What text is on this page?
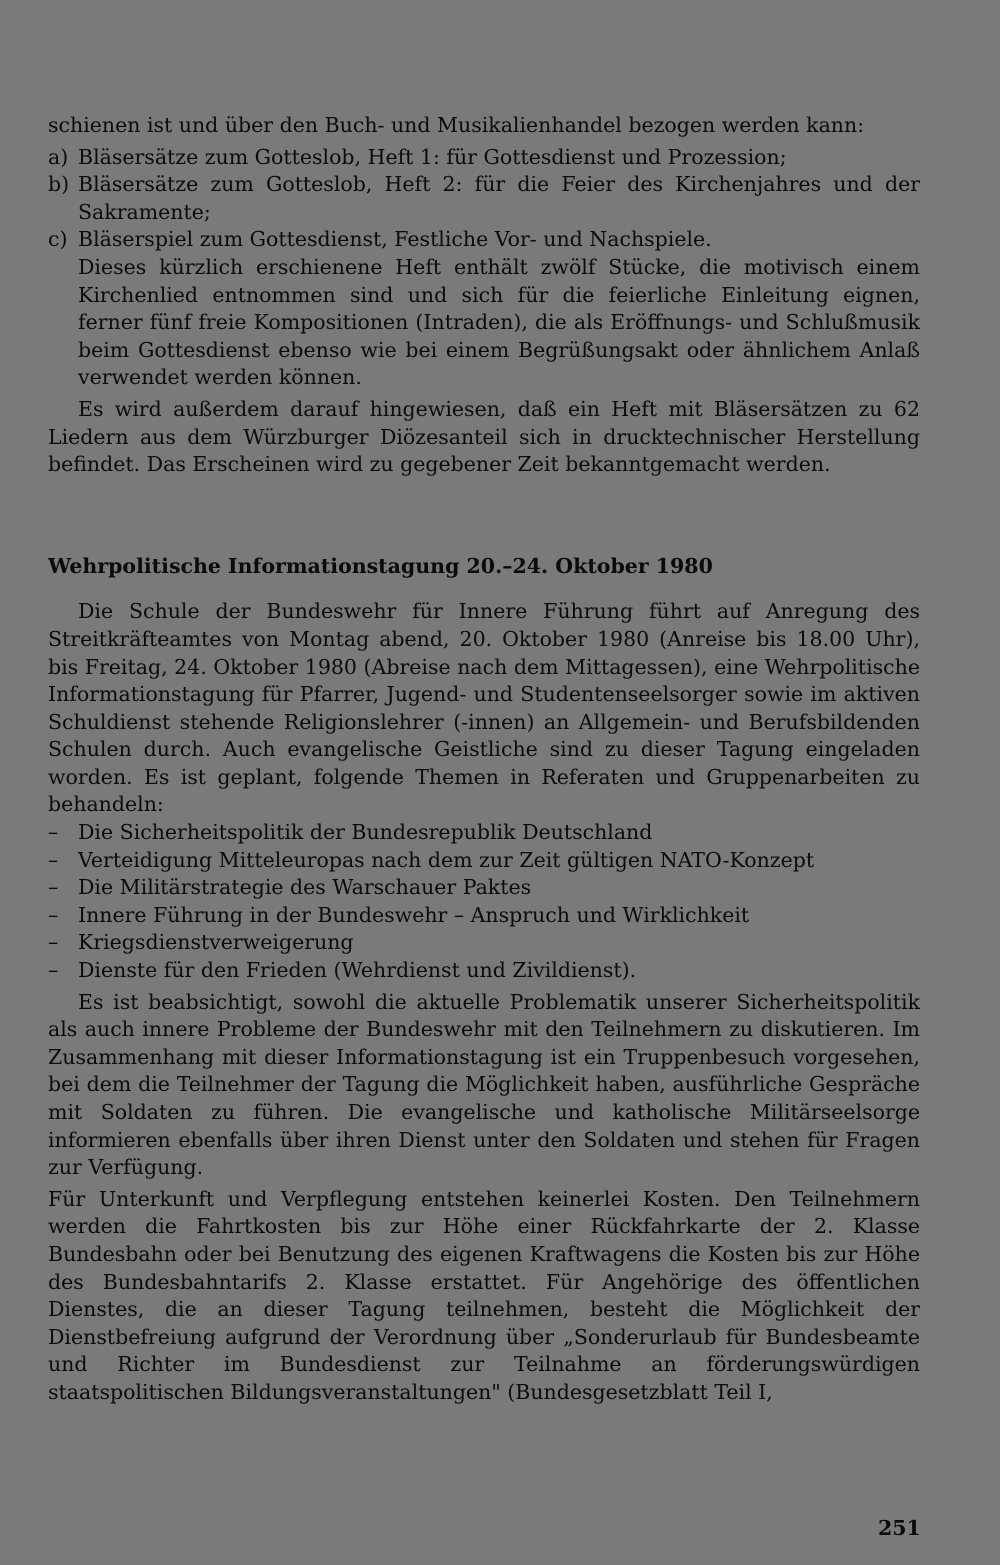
schienen ist und über den Buch- und Musikalienhandel bezogen werden kann:

a) Bläsersätze zum Gotteslob, Heft 1: für Gottesdienst und Prozession;
b) Bläsersätze zum Gotteslob, Heft 2: für die Feier des Kirchenjahres und der Sakramente;
c) Bläserspiel zum Gottesdienst, Festliche Vor- und Nachspiele.

Dieses kürzlich erschienene Heft enthält zwölf Stücke, die motivisch einem Kirchenlied entnommen sind und sich für die feierliche Einleitung eignen, ferner fünf freie Kompositionen (Intraden), die als Eröffnungs- und Schlußmusik beim Gottesdienst ebenso wie bei einem Begrüßungsakt oder ähnlichem Anlaß verwendet werden können.

Es wird außerdem darauf hingewiesen, daß ein Heft mit Bläsersätzen zu 62 Liedern aus dem Würzburger Diözesanteil sich in drucktechnischer Herstellung befindet. Das Erscheinen wird zu gegebener Zeit bekanntgemacht werden.

Wehrpolitische Informationstagung 20.–24. Oktober 1980

Die Schule der Bundeswehr für Innere Führung führt auf Anregung des Streitkräfteamtes von Montag abend, 20. Oktober 1980 (Anreise bis 18.00 Uhr), bis Freitag, 24. Oktober 1980 (Abreise nach dem Mittagessen), eine Wehrpolitische Informationstagung für Pfarrer, Jugend- und Studentenseelsorger sowie im aktiven Schuldienst stehende Religionslehrer (-innen) an Allgemein- und Berufsbildenden Schulen durch. Auch evangelische Geistliche sind zu dieser Tagung eingeladen worden. Es ist geplant, folgende Themen in Referaten und Gruppenarbeiten zu behandeln:

– Die Sicherheitspolitik der Bundesrepublik Deutschland
– Verteidigung Mitteleuropas nach dem zur Zeit gültigen NATO-Konzept
– Die Militärstrategie des Warschauer Paktes
– Innere Führung in der Bundeswehr – Anspruch und Wirklichkeit
– Kriegsdienstverweigerung
– Dienste für den Frieden (Wehrdienst und Zivildienst).

Es ist beabsichtigt, sowohl die aktuelle Problematik unserer Sicherheitspolitik als auch innere Probleme der Bundeswehr mit den Teilnehmern zu diskutieren. Im Zusammenhang mit dieser Informationstagung ist ein Truppenbesuch vorgesehen, bei dem die Teilnehmer der Tagung die Möglichkeit haben, ausführliche Gespräche mit Soldaten zu führen. Die evangelische und katholische Militärseelsorge informieren ebenfalls über ihren Dienst unter den Soldaten und stehen für Fragen zur Verfügung.

Für Unterkunft und Verpflegung entstehen keinerlei Kosten. Den Teilnehmern werden die Fahrtkosten bis zur Höhe einer Rückfahrkarte der 2. Klasse Bundesbahn oder bei Benutzung des eigenen Kraftwagens die Kosten bis zur Höhe des Bundesbahntarifs 2. Klasse erstattet. Für Angehörige des öffentlichen Dienstes, die an dieser Tagung teilnehmen, besteht die Möglichkeit der Dienstbefreiung aufgrund der Verordnung über „Sonderurlaub für Bundesbeamte und Richter im Bundesdienst zur Teilnahme an förderungswürdigen staatspolitischen Bildungsveranstaltungen" (Bundesgesetzblatt Teil I,

251
